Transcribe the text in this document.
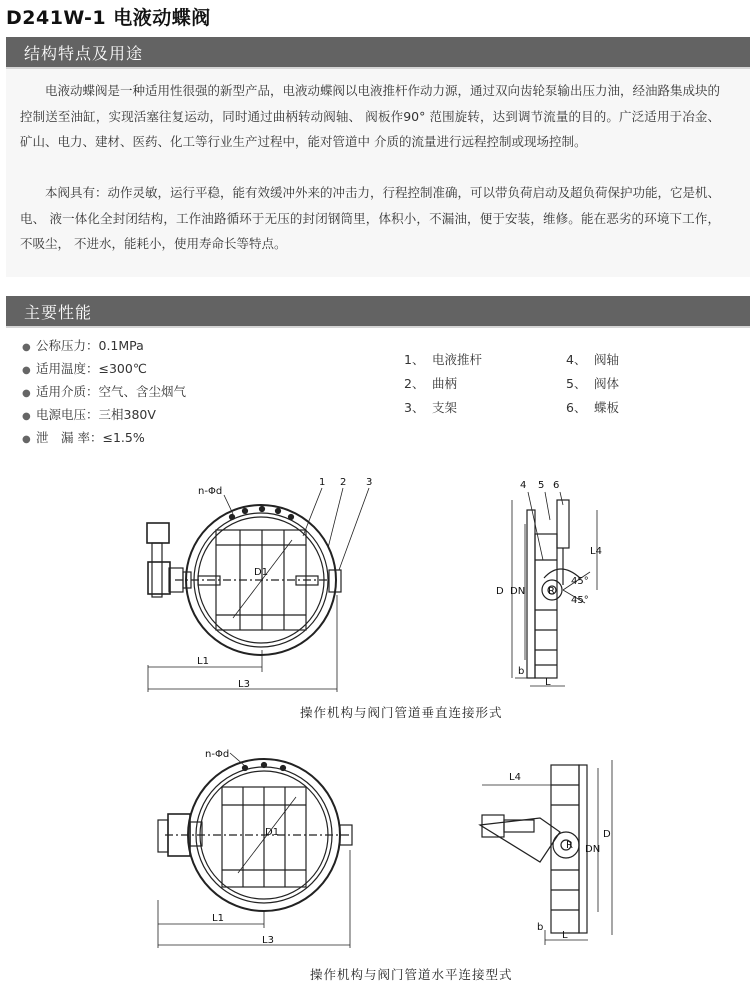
D241W-1 电液动蝶阀
结构特点及用途

电液动蝶阀是一种适用性很强的新型产品，电液动蝶阀以电液推杆作动力源，通过双向齿轮泵输出压力油，经油路集成块的控制送至油缸，实现活塞往复运动，同时通过曲柄转动阀轴、 阀板作90° 范围旋转，达到调节流量的目的。广泛适用于冶金、矿山、电力、建材、医药、化工等行业生产过程中，能对管道中 介质的流量进行远程控制或现场控制。

本阀具有：动作灵敏，运行平稳，能有效缓冲外来的冲击力，行程控制准确，可以带负荷启动及超负荷保护功能，它是机、电、 液一体化全封闭结构，工作油路循环于无压的封闭钢筒里，体积小，不漏油，便于安装，维修。能在恶劣的环境下工作，不吸尘， 不进水，能耗小，使用寿命长等特点。

主要性能
● 公称压力：0.1MPa
● 适用温度：≤300℃
● 适用介质：空气、含尘烟气
● 电源电压：三相380V
● 泄　漏 率：≤1.5%
1、 电液推杆
2、 曲柄
3、 支架
4、 阀轴
5、 阀体
6、 蝶板
n-Φd
D1
L1
L3
1 2 3	4 5 6
L4
D DN R
45°
45°
b
L
n-Φd
D1
L1
L3
L4
D
DN
R
b
L
操作机构与阀门管道垂直连接形式
操作机构与阀门管道水平连接型式
